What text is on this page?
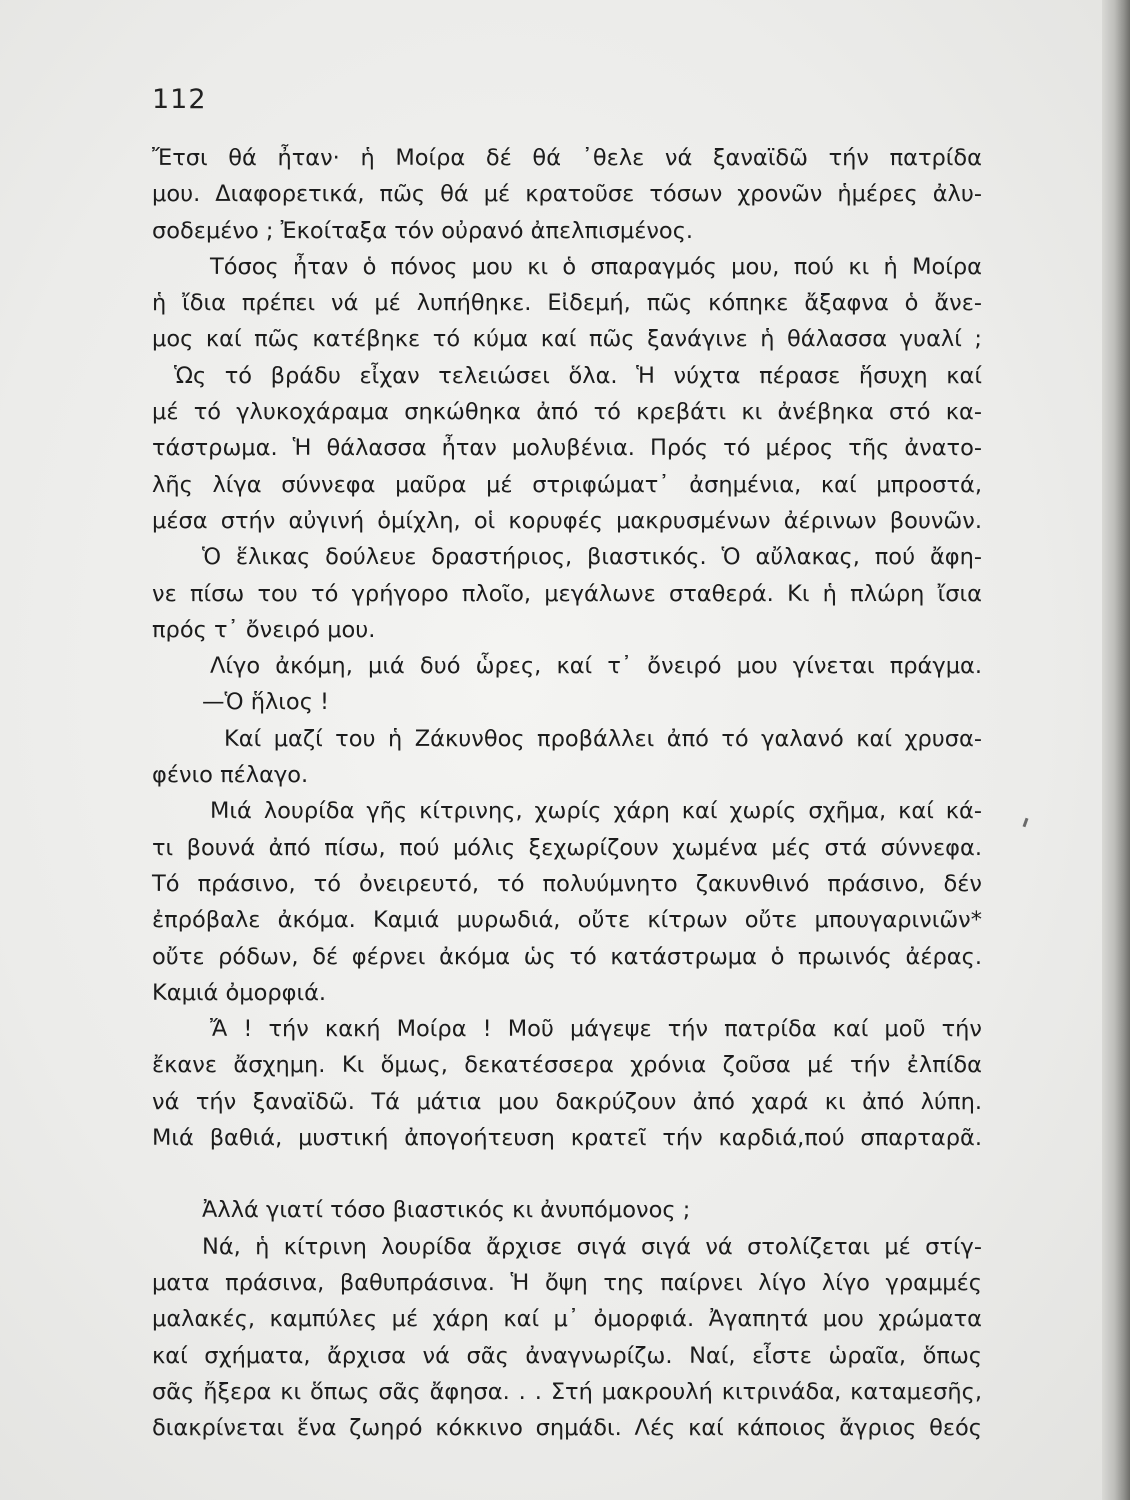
112
Ἔτσι θά ἦταν· ἡ Μοίρα δέ θά ᾽θελε νά ξαναϊδῶ τήν πατρίδα
μου. Διαφορετικά, πῶς θά μέ κρατοῦσε τόσων χρονῶν ἡμέρες ἀλυ-
σοδεμένο ; Ἐκοίταξα τόν οὐρανό ἀπελπισμένος.
Τόσος ἦταν ὁ πόνος μου κι ὁ σπαραγμός μου, πού κι ἡ Μοίρα
ἡ ἴδια πρέπει νά μέ λυπήθηκε. Εἰδεμή, πῶς κόπηκε ἄξαφνα ὁ ἄνε-
μος καί πῶς κατέβηκε τό κύμα καί πῶς ξανάγινε ἡ θάλασσα γυαλί ;
Ὡς τό βράδυ εἶχαν τελειώσει ὅλα. Ἡ νύχτα πέρασε ἥσυχη καί
μέ τό γλυκοχάραμα σηκώθηκα ἀπό τό κρεβάτι κι ἀνέβηκα στό κα-
τάστρωμα. Ἡ θάλασσα ἦταν μολυβένια. Πρός τό μέρος τῆς ἀνατο-
λῆς λίγα σύννεφα μαῦρα μέ στριφώματ᾽ ἀσημένια, καί μπροστά,
μέσα στήν αὐγινή ὁμίχλη, οἱ κορυφές μακρυσμένων ἀέρινων βουνῶν.
Ὁ ἕλικας δούλευε δραστήριος, βιαστικός. Ὁ αὔλακας, πού ἄφη-
νε πίσω του τό γρήγορο πλοῖο, μεγάλωνε σταθερά. Κι ἡ πλώρη ἴσια
πρός τ᾽ ὄνειρό μου.
Λίγο ἀκόμη, μιά δυό ὧρες, καί τ᾽ ὄνειρό μου γίνεται πράγμα.
—Ὁ ἥλιος !
Καί μαζί του ἡ Ζάκυνθος προβάλλει ἀπό τό γαλανό καί χρυσα-
φένιο πέλαγο.
Μιά λουρίδα γῆς κίτρινης, χωρίς χάρη καί χωρίς σχῆμα, καί κά-
τι βουνά ἀπό πίσω, πού μόλις ξεχωρίζουν χωμένα μές στά σύννεφα.
Τό πράσινο, τό ὀνειρευτό, τό πολυύμνητο ζακυνθινό πράσινο, δέν
ἐπρόβαλε ἀκόμα. Καμιά μυρωδιά, οὔτε κίτρων οὔτε μπουγαρινιῶν*
οὔτε ρόδων, δέ φέρνει ἀκόμα ὡς τό κατάστρωμα ὁ πρωινός ἀέρας.
Καμιά ὀμορφιά.
Ἄ ! τήν κακή Μοίρα ! Μοῦ μάγεψε τήν πατρίδα καί μοῦ τήν
ἔκανε ἄσχημη. Κι ὅμως, δεκατέσσερα χρόνια ζοῦσα μέ τήν ἐλπίδα
νά τήν ξαναϊδῶ. Τά μάτια μου δακρύζουν ἀπό χαρά κι ἀπό λύπη.
Μιά βαθιά, μυστική ἀπογοήτευση κρατεῖ τήν καρδιά,πού σπαρταρᾶ.
Ἀλλά γιατί τόσο βιαστικός κι ἀνυπόμονος ;
Νά, ἡ κίτρινη λουρίδα ἄρχισε σιγά σιγά νά στολίζεται μέ στίγ-
ματα πράσινα, βαθυπράσινα. Ἡ ὄψη της παίρνει λίγο λίγο γραμμές
μαλακές, καμπύλες μέ χάρη καί μ᾽ ὀμορφιά. Ἀγαπητά μου χρώματα
καί σχήματα, ἄρχισα νά σᾶς ἀναγνωρίζω. Ναί, εἶστε ὡραῖα, ὅπως
σᾶς ἤξερα κι ὅπως σᾶς ἄφησα. . . Στή μακρουλή κιτρινάδα, καταμεσῆς,
διακρίνεται ἕνα ζωηρό κόκκινο σημάδι. Λές καί κάποιος ἄγριος θεός
